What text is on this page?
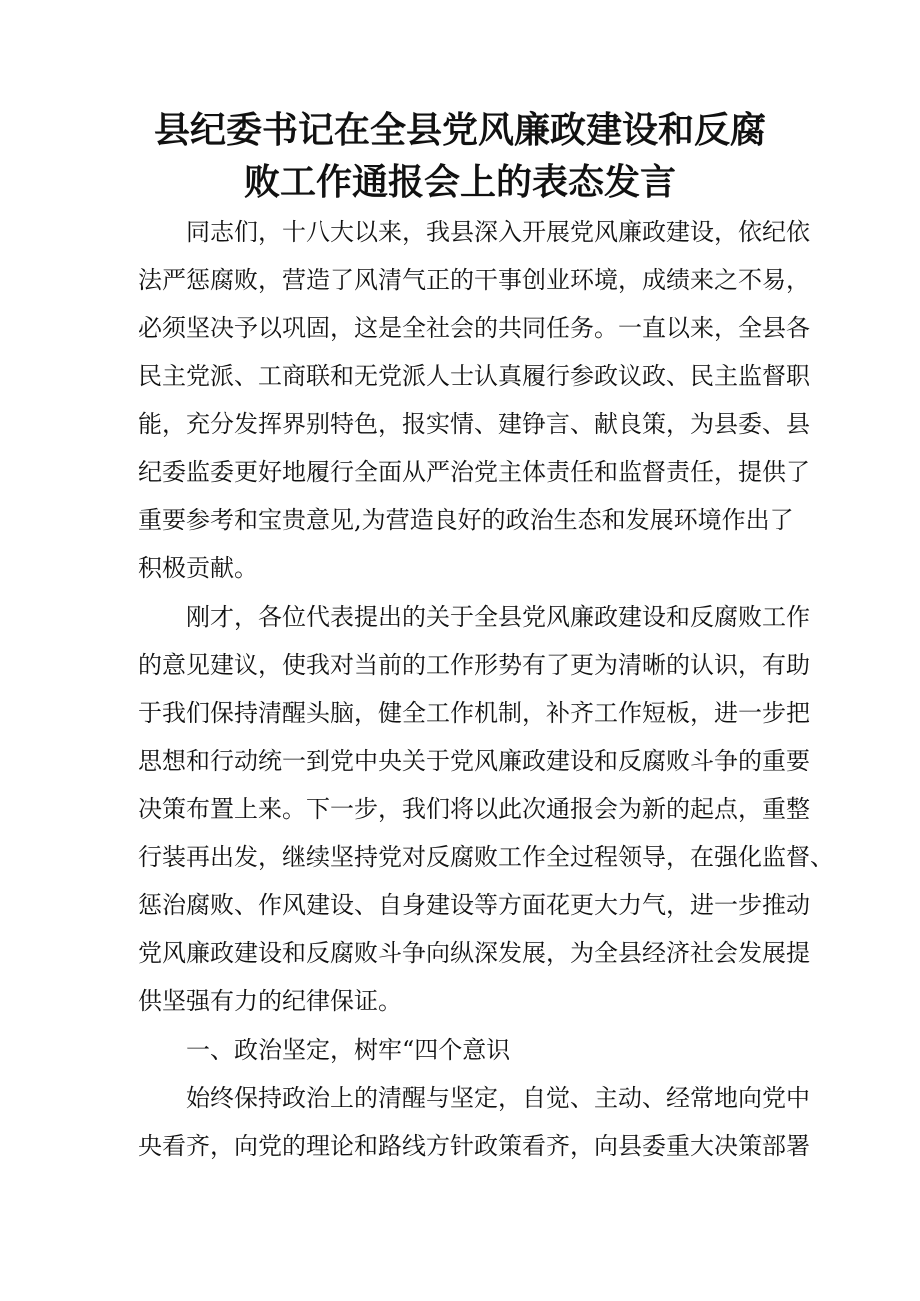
县纪委书记在全县党风廉政建设和反腐
败工作通报会上的表态发言

同志们，十八大以来，我县深入开展党风廉政建设，依纪依

法严惩腐败，营造了风清气正的干事创业环境，成绩来之不易，

必须坚决予以巩固，这是全社会的共同任务。一直以来，全县各

民主党派、工商联和无党派人士认真履行参政议政、民主监督职

能，充分发挥界别特色，报实情、建铮言、献良策，为县委、县

纪委监委更好地履行全面从严治党主体责任和监督责任，提供了

重要参考和宝贵意见,为营造良好的政治生态和发展环境作出了

积极贡献。

刚才，各位代表提出的关于全县党风廉政建设和反腐败工作

的意见建议，使我对当前的工作形势有了更为清晰的认识，有助

于我们保持清醒头脑，健全工作机制，补齐工作短板，进一步把

思想和行动统一到党中央关于党风廉政建设和反腐败斗争的重要

决策布置上来。下一步，我们将以此次通报会为新的起点，重整

行装再出发，继续坚持党对反腐败工作全过程领导，在强化监督、

惩治腐败、作风建设、自身建设等方面花更大力气，进一步推动

党风廉政建设和反腐败斗争向纵深发展，为全县经济社会发展提

供坚强有力的纪律保证。

一、政治坚定，树牢“四个意识

始终保持政治上的清醒与坚定，自觉、主动、经常地向党中

央看齐，向党的理论和路线方针政策看齐，向县委重大决策部署
